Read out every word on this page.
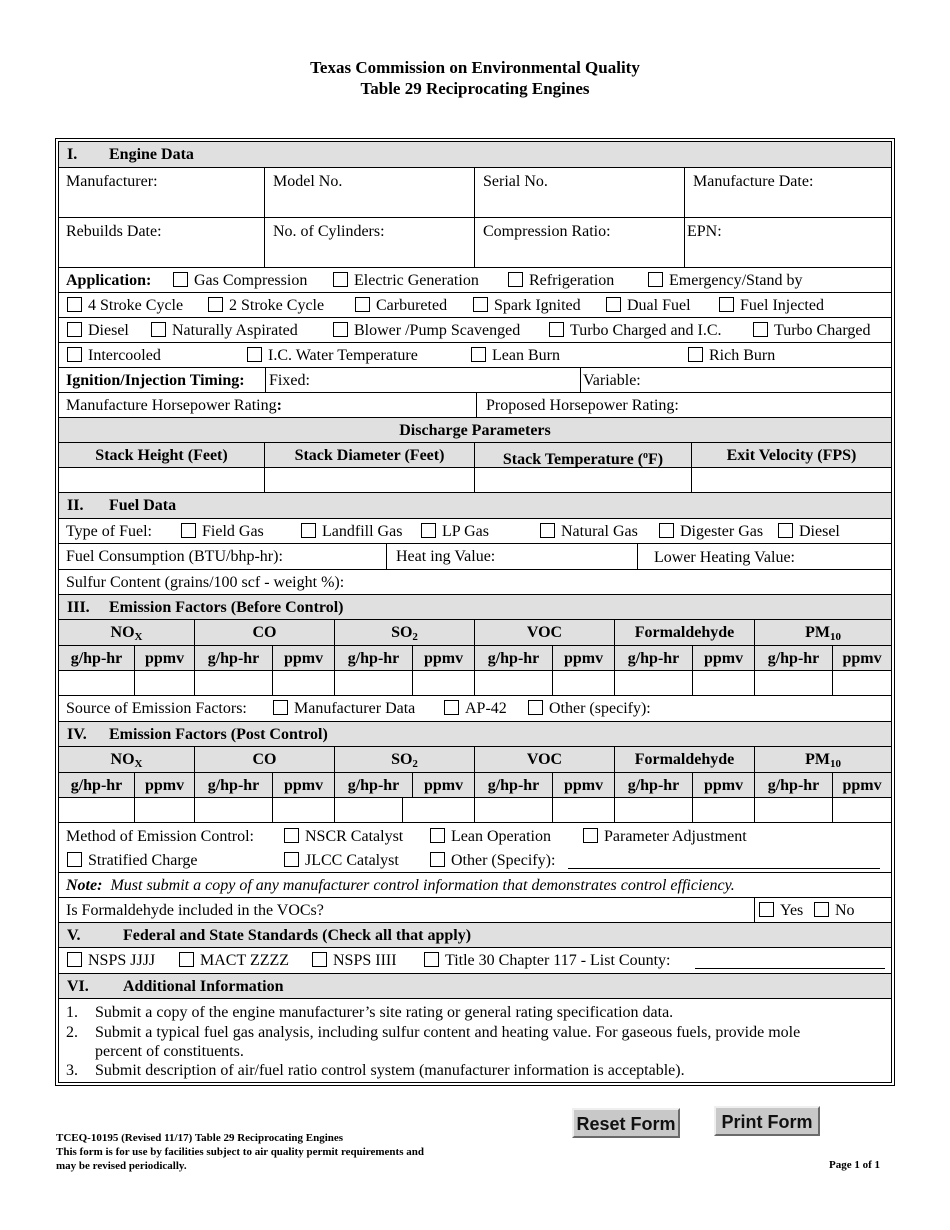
Texas Commission on Environmental Quality
Table 29 Reciprocating Engines
I. Engine Data
Manufacturer:	Model No.	Serial No.	Manufacture Date:
Rebuilds Date:	No. of Cylinders:	Compression Ratio:	EPN:
Application:	Gas Compression	Electric Generation	Refrigeration	Emergency/Stand by
4 Stroke Cycle	2 Stroke Cycle	Carbureted	Spark Ignited	Dual Fuel	Fuel Injected
Diesel	Naturally Aspirated	Blower /Pump Scavenged	Turbo Charged and I.C.	Turbo Charged
Intercooled	I.C. Water Temperature	Lean Burn	Rich Burn
Ignition/Injection Timing: Fixed:	Variable:
Manufacture Horsepower Rating:	Proposed Horsepower Rating:
Discharge Parameters
Stack Height (Feet)	Stack Diameter (Feet)	Stack Temperature ($^o$F)	Exit Velocity (FPS)
II. Fuel Data
Type of Fuel:	Field Gas	Landfill Gas	LP Gas	Natural Gas	Digester Gas	Diesel
Fuel Consumption (BTU/bhp-hr):	Heat ing Value:	Lower Heating Value:
Sulfur Content (grains/100 scf - weight %):
III. Emission Factors (Before Control)
$NO_X$	CO	$SO_2$	VOC	Formaldehyde	$PM_{10}$
g/hp-hr	ppmv	g/hp-hr	ppmv	g/hp-hr	ppmv	g/hp-hr	ppmv	g/hp-hr	ppmv	g/hp-hr	ppmv
Source of Emission Factors:	Manufacturer Data	AP-42	Other (specify):
IV. Emission Factors (Post Control)
$NO_X$	CO	$SO_2$	VOC	Formaldehyde	$PM_{10}$
g/hp-hr	ppmv	g/hp-hr	ppmv	g/hp-hr	ppmv	g/hp-hr	ppmv	g/hp-hr	ppmv	g/hp-hr	ppmv
Method of Emission Control:	NSCR Catalyst	Lean Operation	Parameter Adjustment
Stratified Charge	JLCC Catalyst	Other (Specify):
Note: Must submit a copy of any manufacturer control information that demonstrates control efficiency.
Is Formaldehyde included in the VOCs?	Yes	No
V.	Federal and State Standards (Check all that apply)
NSPS JJJJ	MACT ZZZZ	NSPS IIII	Title 30 Chapter 117 - List County:
VI. Additional Information
1. Submit a copy of the engine manufacturer’s site rating or general rating specification data.
2. Submit a typical fuel gas analysis, including sulfur content and heating value. For gaseous fuels, provide mole
percent of constituents.
3. Submit description of air/fuel ratio control system (manufacturer information is acceptable).
Reset Form	Print Form
TCEQ-10195 (Revised 11/17) Table 29 Reciprocating Engines
This form is for use by facilities subject to air quality permit requirements and
may be revised periodically.	Page 1 of 1
